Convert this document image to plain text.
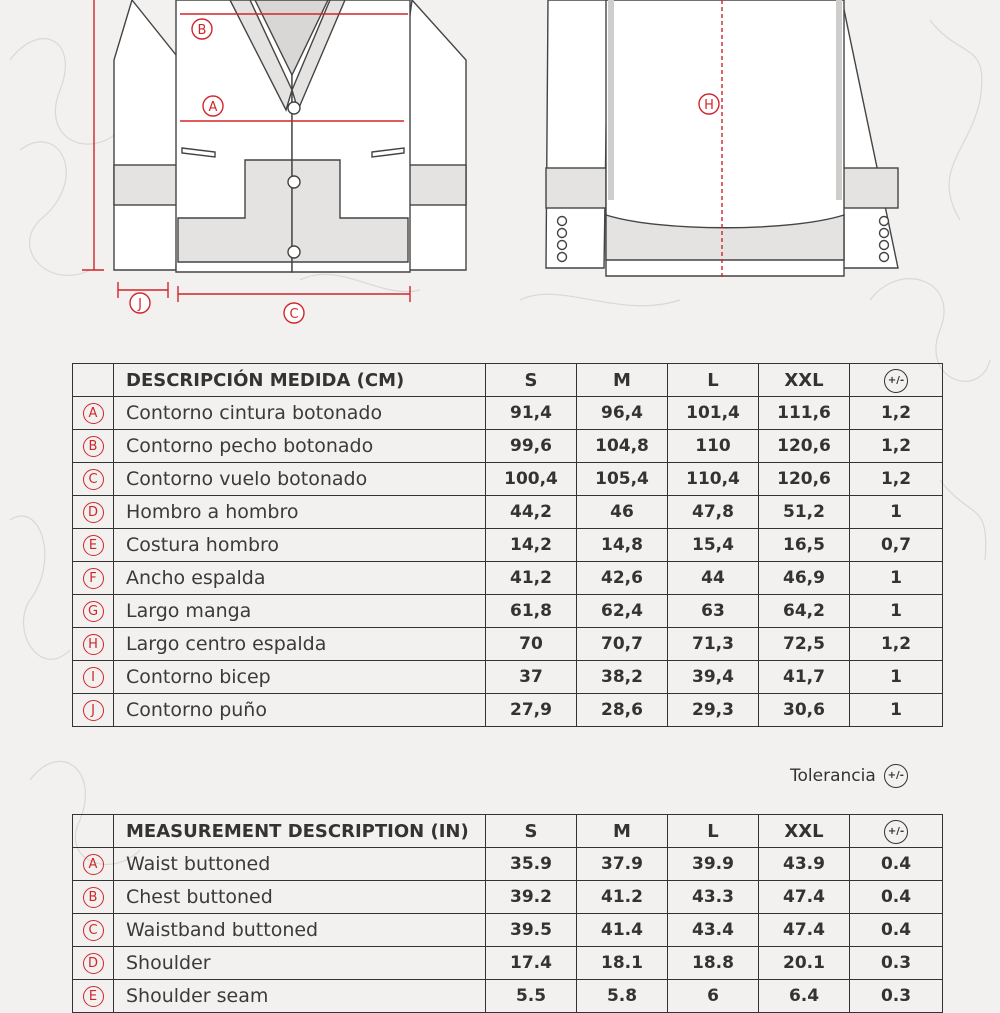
B
A
J
C
H
	DESCRIPCIÓN MEDIDA (CM)	S	M	L	XXL	+/-
A	Contorno cintura botonado	91,4	96,4	101,4	111,6	1,2
B	Contorno pecho botonado	99,6	104,8	110	120,6	1,2
C	Contorno vuelo botonado	100,4	105,4	110,4	120,6	1,2
D	Hombro a hombro	44,2	46	47,8	51,2	1
E	Costura hombro	14,2	14,8	15,4	16,5	0,7
F	Ancho espalda	41,2	42,6	44	46,9	1
G	Largo manga	61,8	62,4	63	64,2	1
H	Largo centro espalda	70	70,7	71,3	72,5	1,2
I	Contorno bicep	37	38,2	39,4	41,7	1
J	Contorno puño	27,9	28,6	29,3	30,6	1
Tolerancia	+/-
	MEASUREMENT DESCRIPTION (IN)	S	M	L	XXL	+/-
A	Waist buttoned	35.9	37.9	39.9	43.9	0.4
B	Chest buttoned	39.2	41.2	43.3	47.4	0.4
C	Waistband buttoned	39.5	41.4	43.4	47.4	0.4
D	Shoulder	17.4	18.1	18.8	20.1	0.3
E	Shoulder seam	5.5	5.8	6	6.4	0.3
